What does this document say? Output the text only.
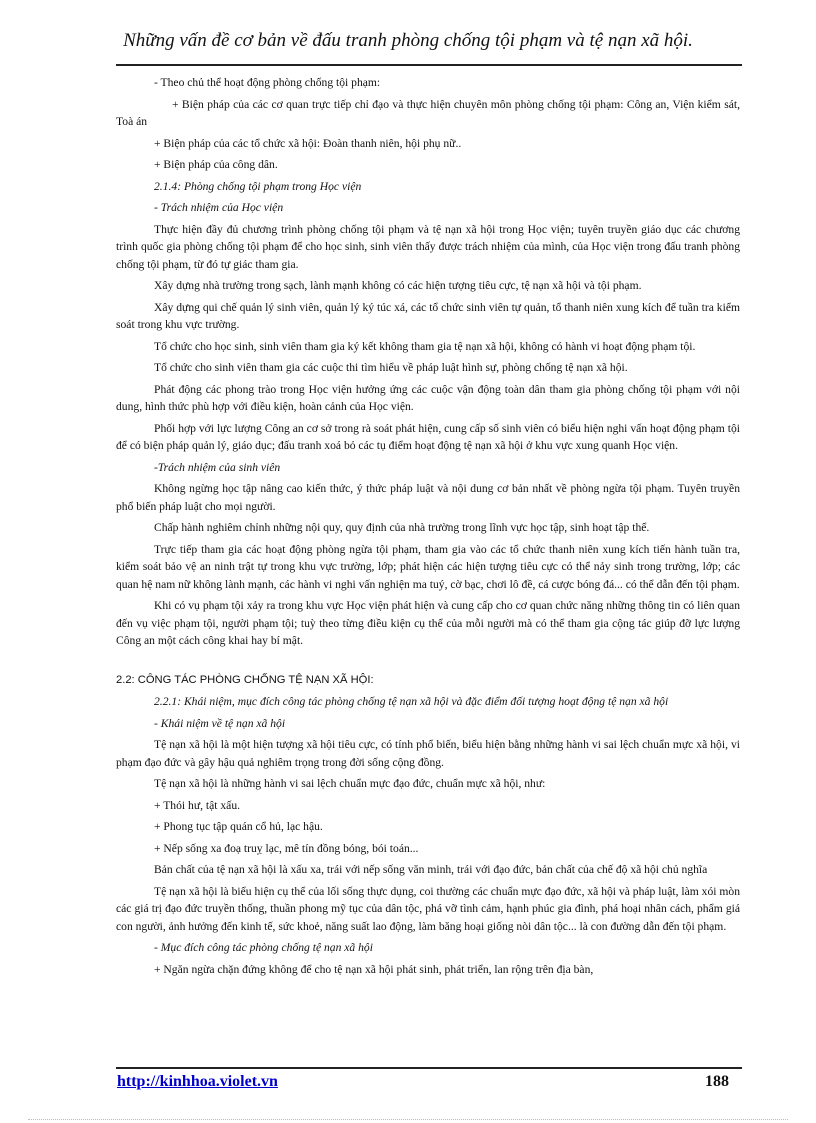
Những vấn đề cơ bản về đấu tranh phòng chống tội phạm và tệ nạn xã hội.

- Theo chủ thể hoạt động phòng chống tội phạm:

+ Biện pháp của các cơ quan trực tiếp chỉ đạo và thực hiện chuyên môn phòng chống tội phạm: Công an, Viện kiểm sát, Toà án

+ Biện pháp của các tổ chức xã hội: Đoàn thanh niên, hội phụ nữ..

+ Biện pháp của công dân.

2.1.4: Phòng chống tội phạm trong Học viện

- Trách nhiệm của Học viện

Thực hiện đầy đủ chương trình phòng chống tội phạm và tệ nạn xã hội trong Học viện; tuyên truyền giáo dục các chương trình quốc gia phòng chống tội phạm để cho học sinh, sinh viên thấy được trách nhiệm của mình, của Học viện trong đấu tranh phòng chống tội phạm, từ đó tự giác tham gia.

Xây dựng nhà trường trong sạch, lành mạnh không có các hiện tượng tiêu cực, tệ nạn xã hội và tội phạm.

Xây dựng qui chế quản lý sinh viên, quản lý ký túc xá, các tổ chức sinh viên tự quản, tổ thanh niên xung kích để tuần tra kiểm soát trong khu vực trường.

Tổ chức cho học sinh, sinh viên tham gia ký kết không tham gia tệ nạn xã hội, không có hành vi hoạt động phạm tội.

Tổ chức cho sinh viên tham gia các cuộc thi tìm hiểu về pháp luật hình sự, phòng chống tệ nạn xã hội.

Phát động các phong trào trong Học viện hưởng ứng các cuộc vận động toàn dân tham gia phòng chống tội phạm với nội dung, hình thức phù hợp với điều kiện, hoàn cảnh của Học viện.

Phối hợp với lực lượng Công an cơ sở trong rà soát phát hiện, cung cấp số sinh viên có biểu hiện nghi vấn hoạt động phạm tội để có biện pháp quản lý, giáo dục; đấu tranh xoá bỏ các tụ điểm hoạt động tệ nạn xã hội ở khu vực xung quanh Học viện.

-Trách nhiệm của sinh viên

Không ngừng học tập nâng cao kiến thức, ý thức pháp luật và nội dung cơ bản nhất về phòng ngừa tội phạm. Tuyên truyền phổ biến pháp luật cho mọi người.

Chấp hành nghiêm chỉnh những nội quy, quy định của nhà trường trong lĩnh vực học tập, sinh hoạt tập thể.

Trực tiếp tham gia các hoạt động phòng ngừa tội phạm, tham gia vào các tổ chức thanh niên xung kích tiến hành tuần tra, kiểm soát bảo vệ an ninh trật tự trong khu vực trường, lớp; phát hiện các hiện tượng tiêu cực có thể nảy sinh trong trường, lớp; các quan hệ nam nữ không lành mạnh, các hành vi nghi vấn nghiện ma tuý, cờ bạc, chơi lô đề, cá cược bóng đá... có thể dẫn đến tội phạm.

Khi có vụ phạm tội xảy ra trong khu vực Học viện phát hiện và cung cấp cho cơ quan chức năng những thông tin có liên quan đến vụ việc phạm tội, người phạm tội; tuỳ theo từng điều kiện cụ thể của mỗi người mà có thể tham gia cộng tác giúp đỡ lực lượng Công an một cách công khai hay bí mật.

2.2: CÔNG TÁC PHÒNG CHỐNG TỆ NẠN XÃ HỘI:

2.2.1: Khái niệm, mục đích công tác phòng chống tệ nạn xã hội và đặc điểm đối tượng hoạt động tệ nạn xã hội

- Khái niệm về tệ nạn xã hội

Tệ nạn xã hội là một hiện tượng xã hội tiêu cực, có tính phổ biến, biểu hiện bằng những hành vi sai lệch chuẩn mực xã hội, vi phạm đạo đức và gây hậu quả nghiêm trọng trong đời sống cộng đồng.

Tệ nạn xã hội là những hành vi sai lệch chuẩn mực đạo đức, chuẩn mực xã hội, như:

+ Thói hư, tật xấu.

+ Phong tục tập quán cổ hủ, lạc hậu.

+ Nếp sống xa đoạ truỵ lạc, mê tín đồng bóng, bói toán...

Bản chất của tệ nạn xã hội là xấu xa, trái với nếp sống văn minh, trái với đạo đức, bản chất của chế độ xã hội chủ nghĩa

Tệ nạn xã hội là biểu hiện cụ thể của lối sống thực dụng, coi thường các chuẩn mực đạo đức, xã hội và pháp luật, làm xói mòn các giá trị đạo đức truyền thống, thuần phong mỹ tục của dân tộc, phá vỡ tình cảm, hạnh phúc gia đình, phá hoại nhân cách, phẩm giá con người, ảnh hưởng đến kinh tế, sức khoẻ, năng suất lao động, làm băng hoại giống nòi dân tộc... là con đường dẫn đến tội phạm.

- Mục đích công tác phòng chống tệ nạn xã hội

+ Ngăn ngừa chặn đứng không để cho tệ nạn xã hội phát sinh, phát triển, lan rộng trên địa bàn,

http://kinhhoa.violet.vn	188
